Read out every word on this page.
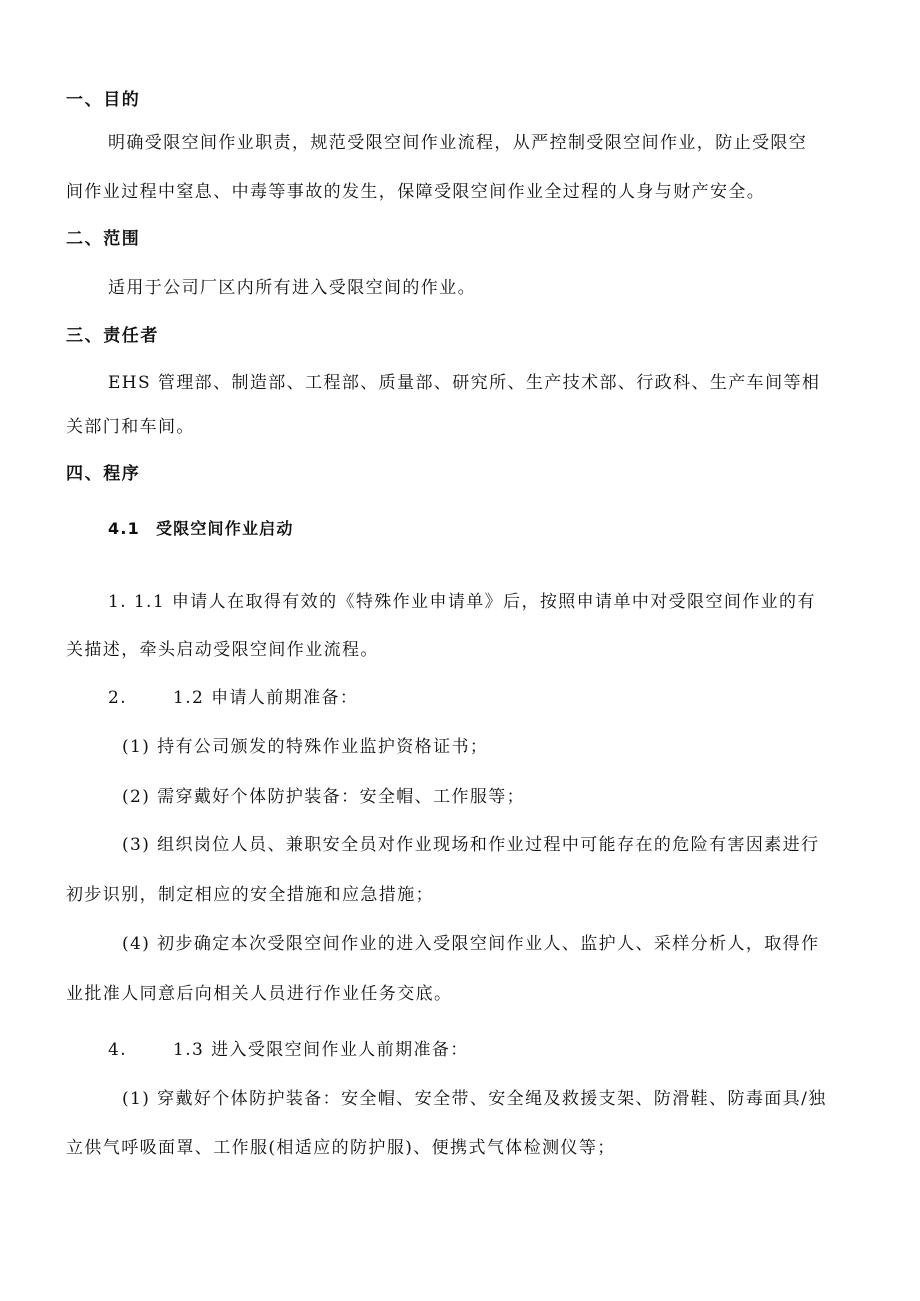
一、目的
明确受限空间作业职责，规范受限空间作业流程，从严控制受限空间作业，防止受限空
间作业过程中窒息、中毒等事故的发生，保障受限空间作业全过程的人身与财产安全。
二、范围
适用于公司厂区内所有进入受限空间的作业。
三、责任者
EHS 管理部、制造部、工程部、质量部、研究所、生产技术部、行政科、生产车间等相
关部门和车间。
四、程序
4.1 受限空间作业启动
1. 1.1 申请人在取得有效的《特殊作业申请单》后，按照申请单中对受限空间作业的有
关描述，牵头启动受限空间作业流程。
2.	1.2 申请人前期准备：
(1) 持有公司颁发的特殊作业监护资格证书；
(2) 需穿戴好个体防护装备：安全帽、工作服等；
(3) 组织岗位人员、兼职安全员对作业现场和作业过程中可能存在的危险有害因素进行
初步识别，制定相应的安全措施和应急措施；
(4) 初步确定本次受限空间作业的进入受限空间作业人、监护人、采样分析人，取得作
业批准人同意后向相关人员进行作业任务交底。
4.	1.3 进入受限空间作业人前期准备：
(1) 穿戴好个体防护装备：安全帽、安全带、安全绳及救援支架、防滑鞋、防毒面具/独
立供气呼吸面罩、工作服(相适应的防护服)、便携式气体检测仪等；
